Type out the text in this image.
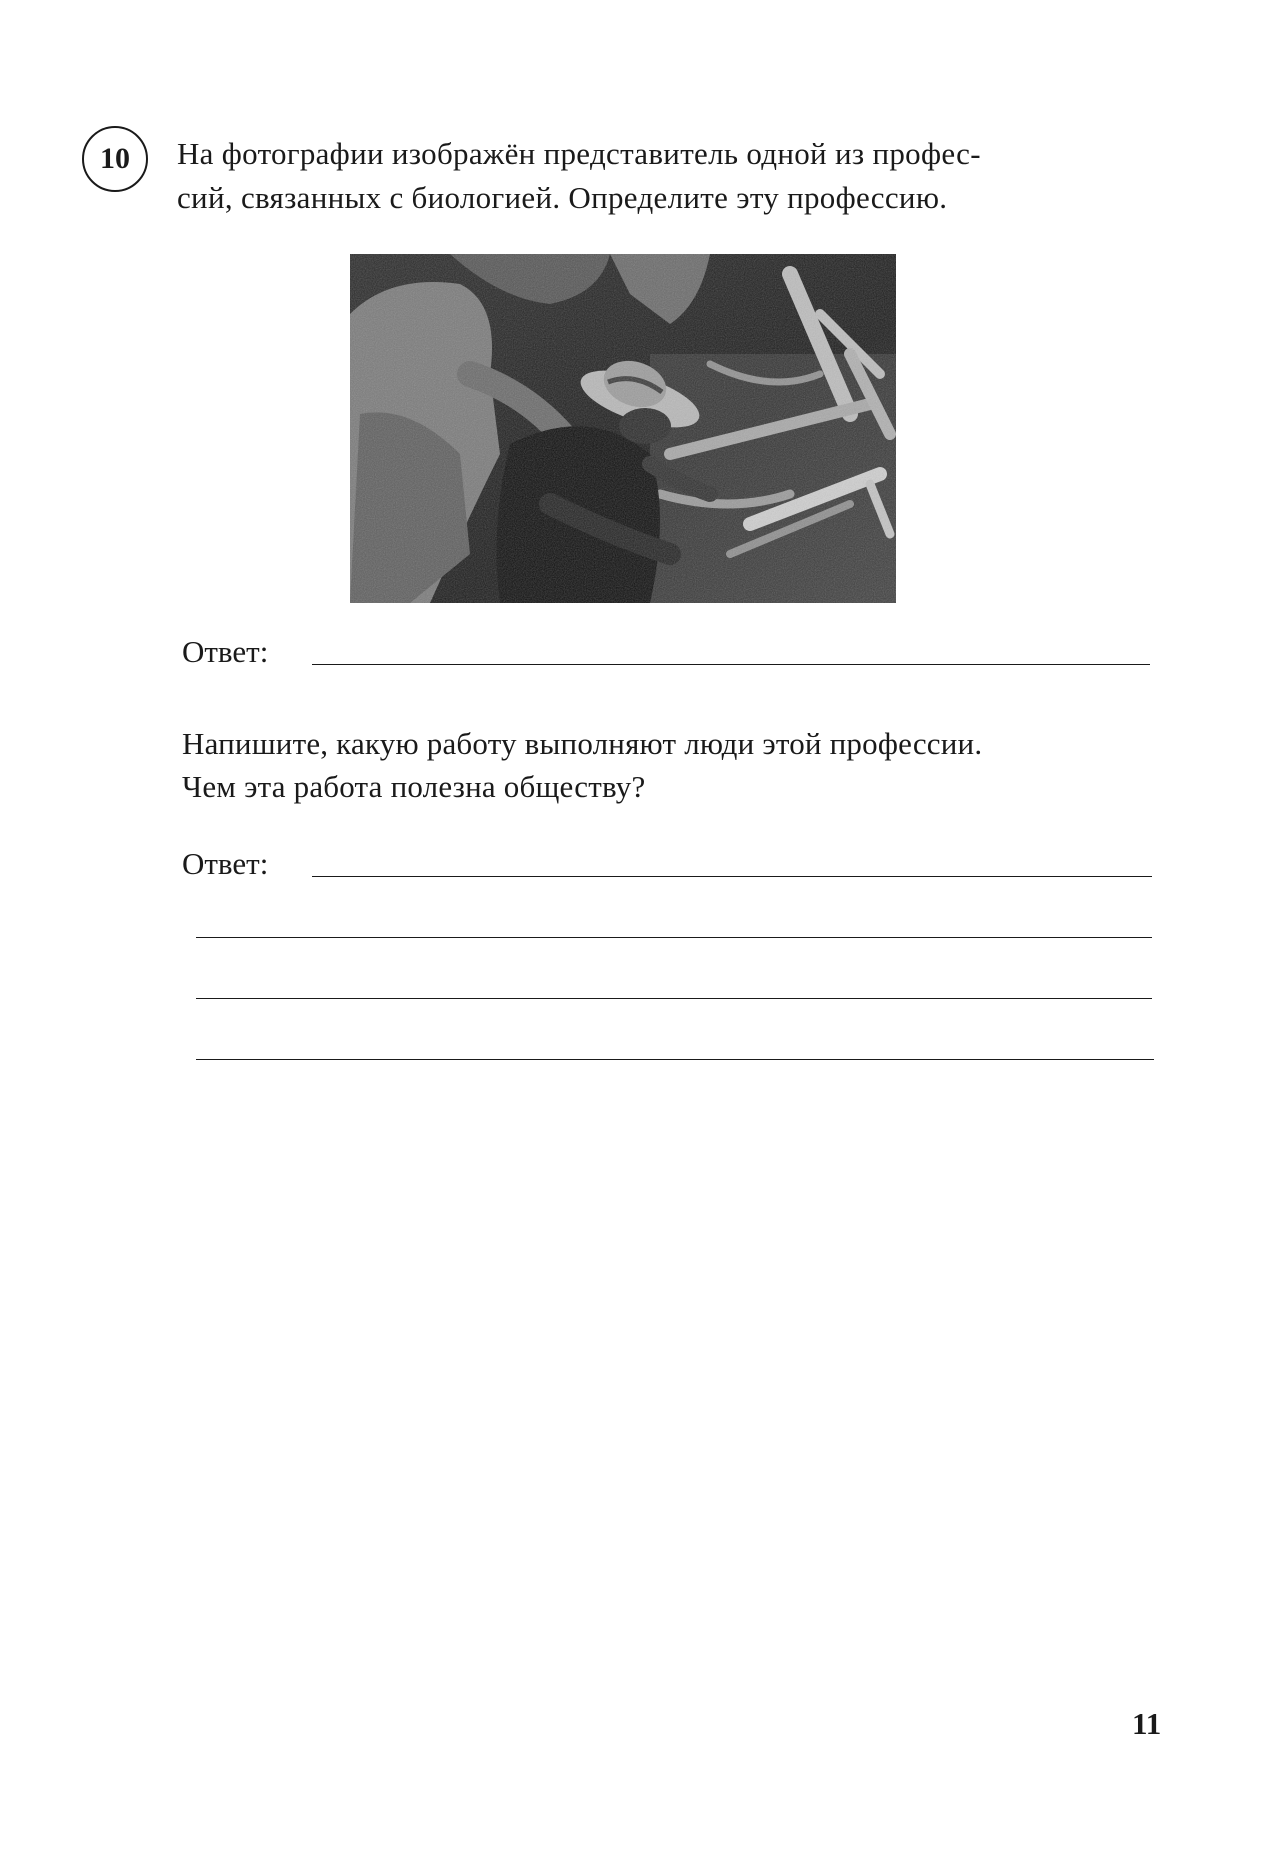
10 На фотографии изображён представитель одной из профес-
сий, связанных с биологией. Определите эту профессию.
Ответ:
Напишите, какую работу выполняют люди этой профессии.
Чем эта работа полезна обществу?
Ответ:
11
